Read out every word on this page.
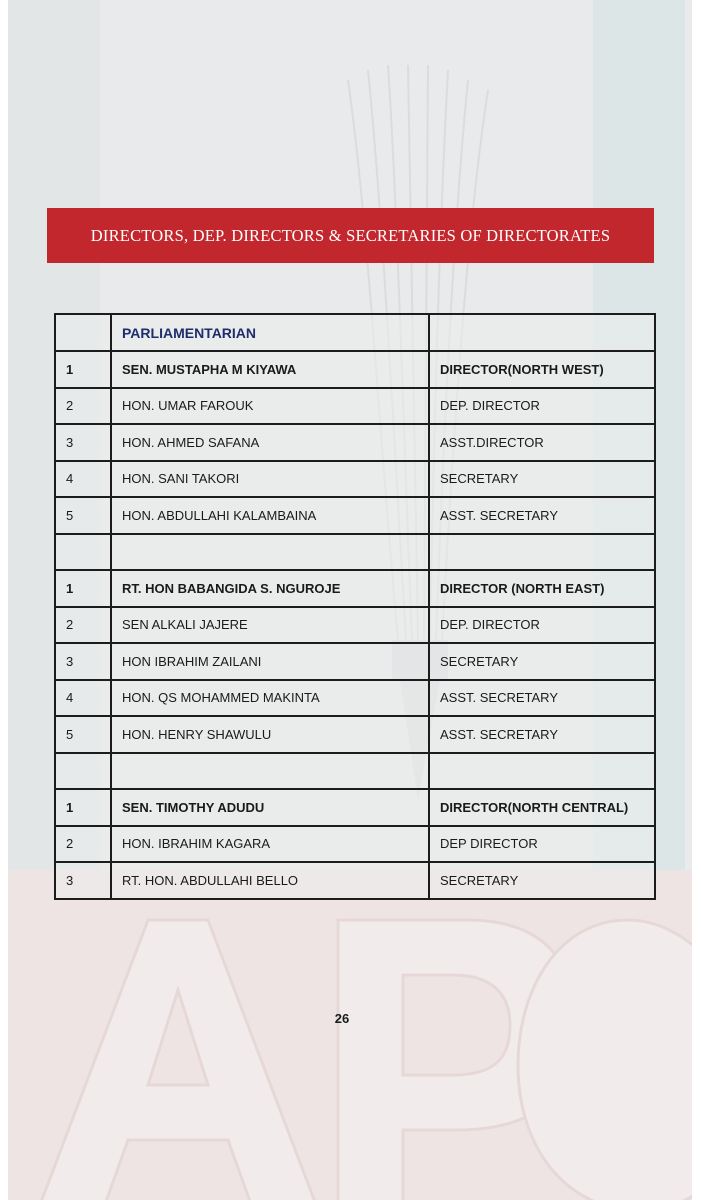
DIRECTORS, DEP. DIRECTORS & SECRETARIES OF DIRECTORATES
	PARLIAMENTARIAN	
1	SEN. MUSTAPHA M KIYAWA	DIRECTOR(NORTH WEST)
2	HON. UMAR FAROUK	DEP. DIRECTOR
3	HON. AHMED SAFANA	ASST.DIRECTOR
4	HON. SANI TAKORI	SECRETARY
5	HON. ABDULLAHI KALAMBAINA	ASST. SECRETARY

1	RT. HON BABANGIDA S. NGUROJE	DIRECTOR (NORTH EAST)
2	SEN ALKALI JAJERE	DEP. DIRECTOR
3	HON IBRAHIM ZAILANI	SECRETARY
4	HON. QS MOHAMMED MAKINTA	ASST. SECRETARY
5	HON. HENRY SHAWULU	ASST. SECRETARY

1	SEN. TIMOTHY ADUDU	DIRECTOR(NORTH CENTRAL)
2	HON. IBRAHIM KAGARA	DEP DIRECTOR
3	RT. HON. ABDULLAHI BELLO	SECRETARY
26
